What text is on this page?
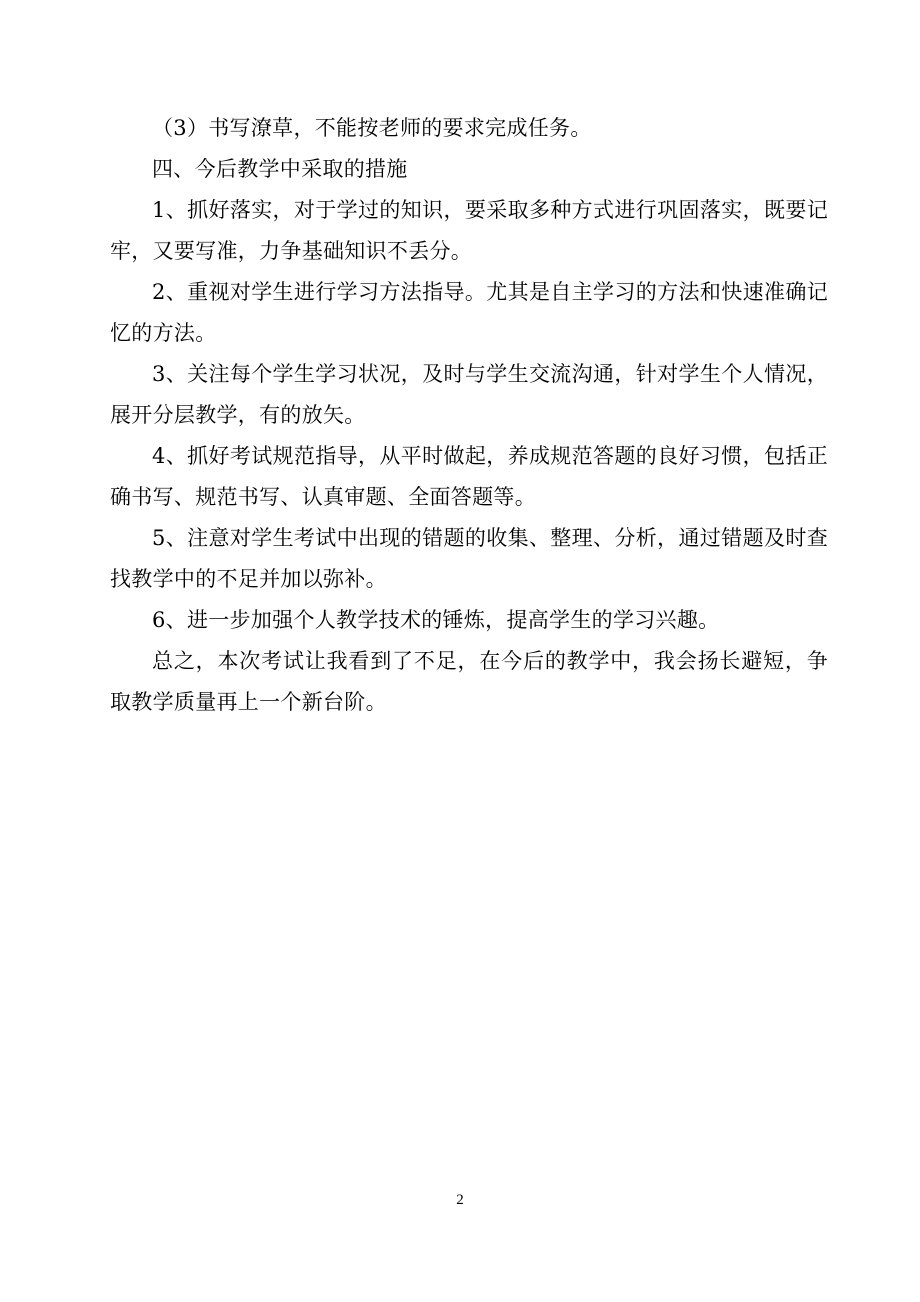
（3）书写潦草，不能按老师的要求完成任务。

四、今后教学中采取的措施

1、抓好落实，对于学过的知识，要采取多种方式进行巩固落实，既要记牢，又要写准，力争基础知识不丢分。

2、重视对学生进行学习方法指导。尤其是自主学习的方法和快速准确记忆的方法。

3、关注每个学生学习状况，及时与学生交流沟通，针对学生个人情况，展开分层教学，有的放矢。

4、抓好考试规范指导，从平时做起，养成规范答题的良好习惯，包括正确书写、规范书写、认真审题、全面答题等。

5、注意对学生考试中出现的错题的收集、整理、分析，通过错题及时查找教学中的不足并加以弥补。

6、进一步加强个人教学技术的锤炼，提高学生的学习兴趣。

总之，本次考试让我看到了不足，在今后的教学中，我会扬长避短，争取教学质量再上一个新台阶。

2
